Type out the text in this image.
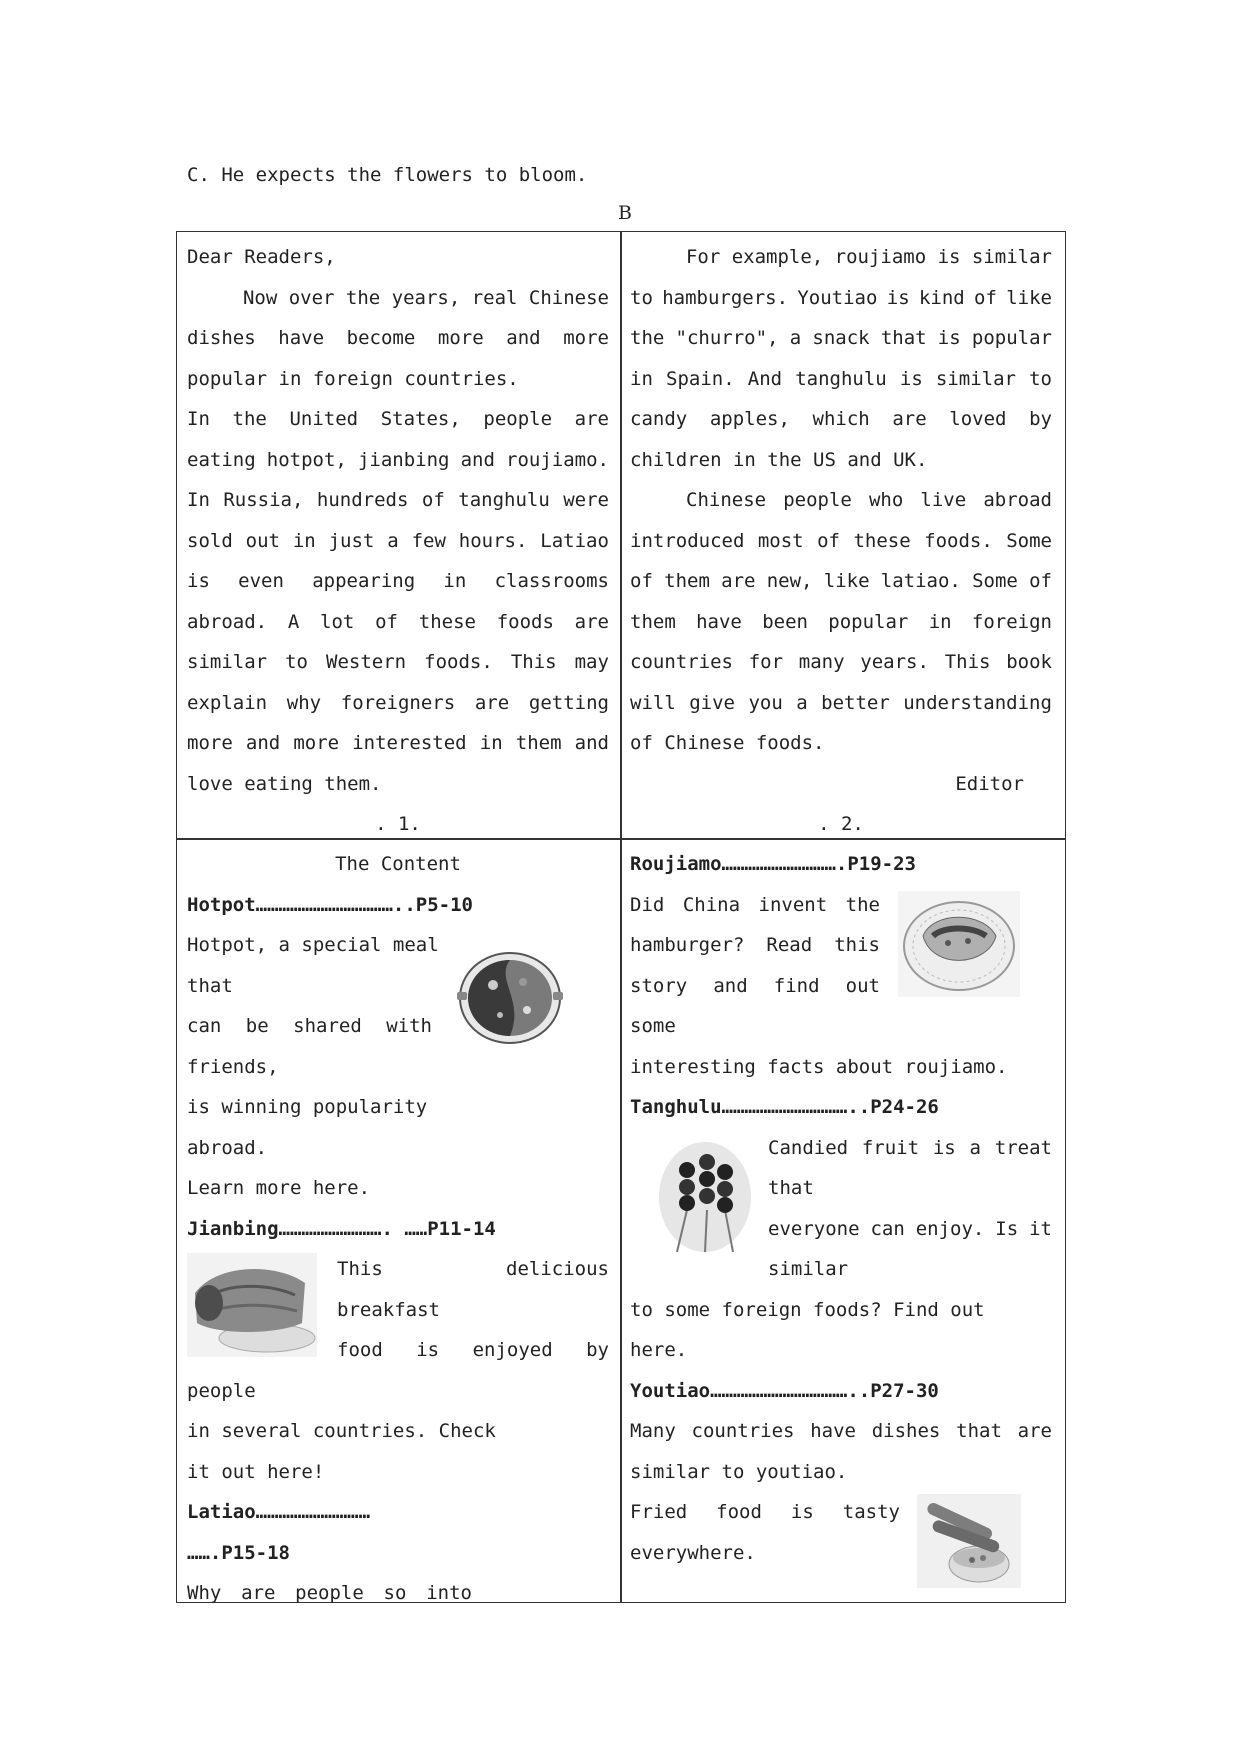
C. He expects the flowers to bloom.
B
Dear Readers,
Now over the years, real Chinese
dishes have become more and more
popular in foreign countries.
In the United States, people are
eating hotpot, jianbing and roujiamo.
In Russia, hundreds of tanghulu were
sold out in just a few hours. Latiao
is even appearing in classrooms
abroad. A lot of these foods are
similar to Western foods. This may
explain why foreigners are getting
more and more interested in them and
love eating them.
. 1.
For example, roujiamo is similar
to hamburgers. Youtiao is kind of like
the "churro", a snack that is popular
in Spain. And tanghulu is similar to
candy apples, which are loved by
children in the US and UK.
Chinese people who live abroad
introduced most of these foods. Some
of them are new, like latiao. Some of
them have been popular in foreign
countries for many years. This book
will give you a better understanding
of Chinese foods.
Editor
. 2.
The Content
Hotpot………………………………..P5-10
Hotpot, a special meal
that
can be shared with
friends,
is winning popularity
abroad.
Learn more here.
Jianbing………………………. ……P11-14
This	delicious
breakfast
food is enjoyed by
people
in several countries. Check
it out here!
Latiao…………………………
…….P15-18
Why are people so into
Roujiamo………………………….P19-23
Did China invent the
hamburger? Read this
story and find out
some
interesting facts about roujiamo.
Tanghulu……………………………..P24-26
Candied fruit is a treat
that
everyone can enjoy. Is it
similar
to some foreign foods? Find out
here.
Youtiao………………………………..P27-30
Many countries have dishes that are
similar to youtiao.
Fried food is tasty
everywhere.
